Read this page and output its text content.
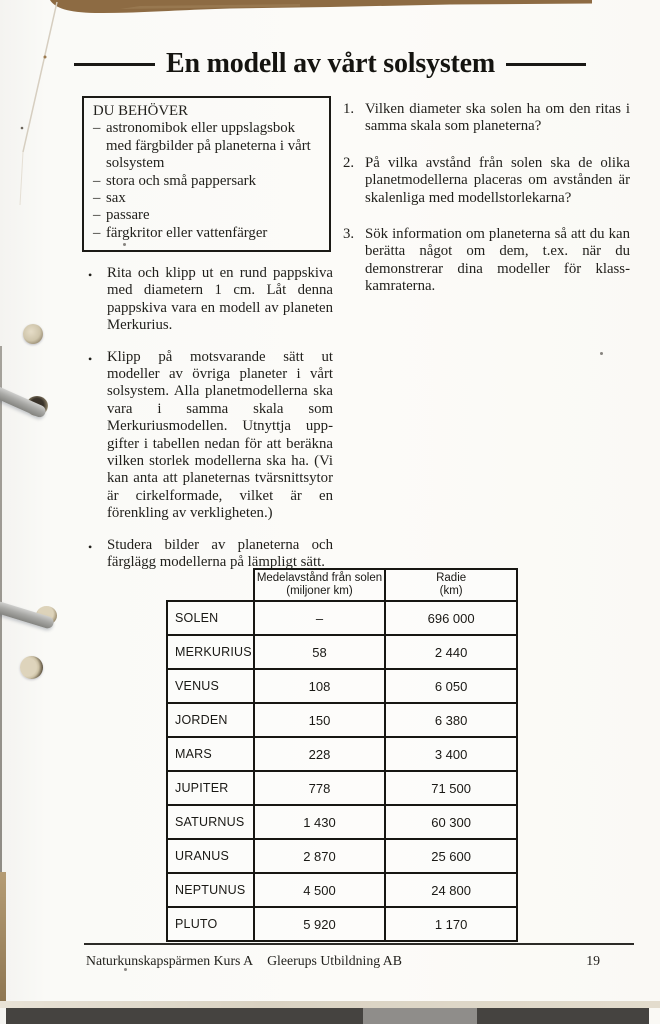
En modell av vårt solsystem
DU BEHÖVER
– astronomibok eller uppslagsbok med färgbilder på planeterna i vårt solsystem
– stora och små pappersark
– sax
– passare
– färgkritor eller vattenfärger
1. Vilken diameter ska solen ha om den ritas i samma skala som planeterna?
2. På vilka avstånd från solen ska de olika planetmodellerna placeras om avstånden är skalenliga med modellstorlekarna?
3. Sök information om planeterna så att du kan berätta något om dem, t.ex. när du demonstrerar dina modeller för klasskamraterna.
• Rita och klipp ut en rund pappskiva med diametern 1 cm. Låt denna pappskiva vara en modell av planeten Merkurius.
• Klipp på motsvarande sätt ut modeller av övriga planeter i vårt solsystem. Alla planetmodellerna ska vara i samma skala som Merkuriusmodellen. Utnyttja uppgifter i tabellen nedan för att beräkna vilken storlek modellerna ska ha. (Vi kan anta att planeternas tvärsnittsytor är cirkelformade, vilket är en förenkling av verkligheten.)
• Studera bilder av planeterna och färglägg modellerna på lämpligt sätt.

Medelavstånd från solen
(miljoner km)

Radie
(km)

SOLEN	–	696 000
MERKURIUS	58	2 440
VENUS	108	6 050
JORDEN	150	6 380
MARS	228	3 400
JUPITER	778	71 500
SATURNUS	1 430	60 300
URANUS	2 870	25 600
NEPTUNUS	4 500	24 800
PLUTO	5 920	1 170
Naturkunskapspärmen Kurs A Gleerups Utbildning AB	19
